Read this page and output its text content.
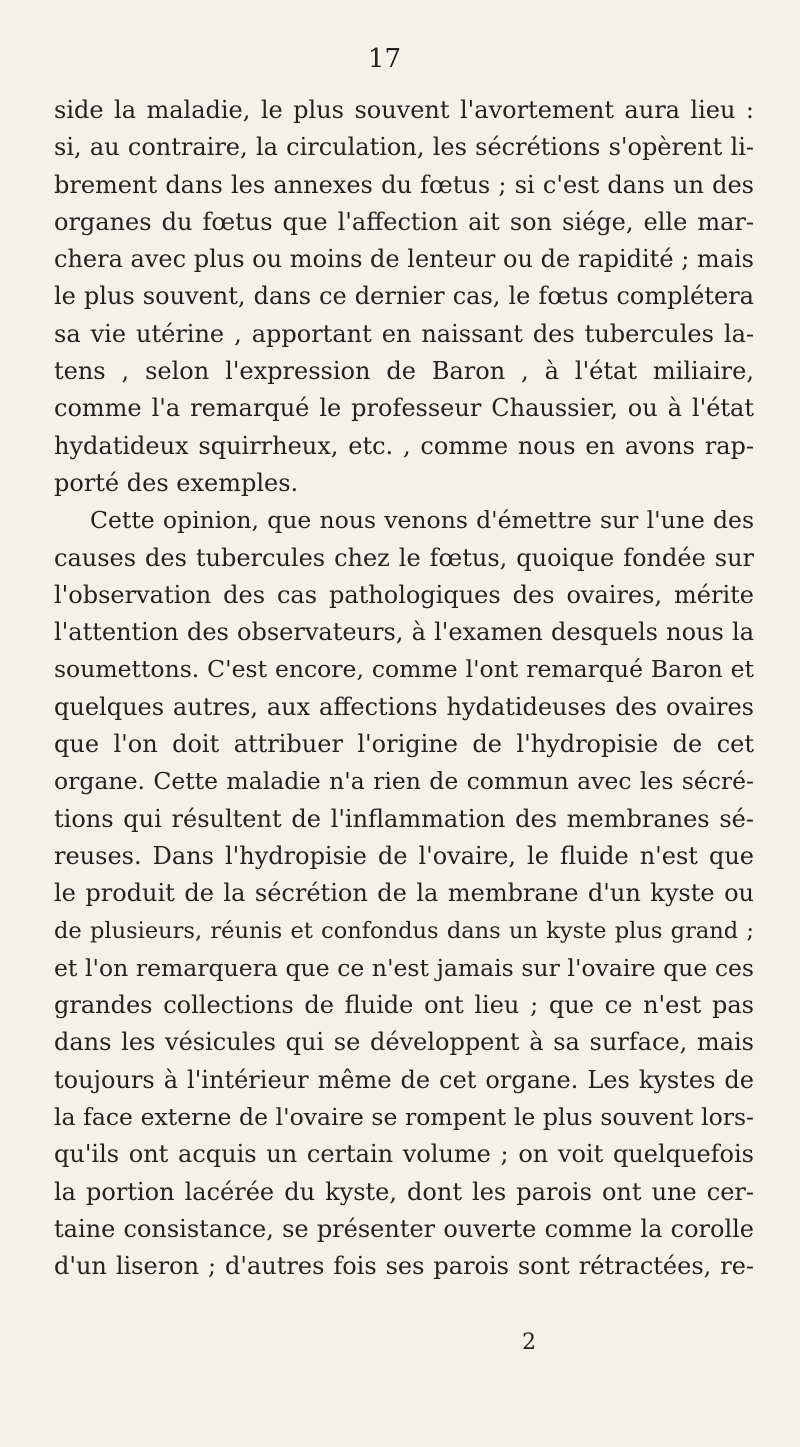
17
side la maladie, le plus souvent l'avortement aura lieu :
si, au contraire, la circulation, les sécrétions s'opèrent li-
brement dans les annexes du fœtus ; si c'est dans un des
organes du fœtus que l'affection ait son siége, elle mar-
chera avec plus ou moins de lenteur ou de rapidité ; mais
le plus souvent, dans ce dernier cas, le fœtus complétera
sa vie utérine , apportant en naissant des tubercules la-
tens , selon l'expression de Baron , à l'état miliaire,
comme l'a remarqué le professeur Chaussier, ou à l'état
hydatideux squirrheux, etc. , comme nous en avons rap-
porté des exemples.
Cette opinion, que nous venons d'émettre sur l'une des
causes des tubercules chez le fœtus, quoique fondée sur
l'observation des cas pathologiques des ovaires, mérite
l'attention des observateurs, à l'examen desquels nous la
soumettons. C'est encore, comme l'ont remarqué Baron et
quelques autres, aux affections hydatideuses des ovaires
que l'on doit attribuer l'origine de l'hydropisie de cet
organe. Cette maladie n'a rien de commun avec les sécré-
tions qui résultent de l'inflammation des membranes sé-
reuses. Dans l'hydropisie de l'ovaire, le fluide n'est que
le produit de la sécrétion de la membrane d'un kyste ou
de plusieurs, réunis et confondus dans un kyste plus grand ;
et l'on remarquera que ce n'est jamais sur l'ovaire que ces
grandes collections de fluide ont lieu ; que ce n'est pas
dans les vésicules qui se développent à sa surface, mais
toujours à l'intérieur même de cet organe. Les kystes de
la face externe de l'ovaire se rompent le plus souvent lors-
qu'ils ont acquis un certain volume ; on voit quelquefois
la portion lacérée du kyste, dont les parois ont une cer-
taine consistance, se présenter ouverte comme la corolle
d'un liseron ; d'autres fois ses parois sont rétractées, re-
2
